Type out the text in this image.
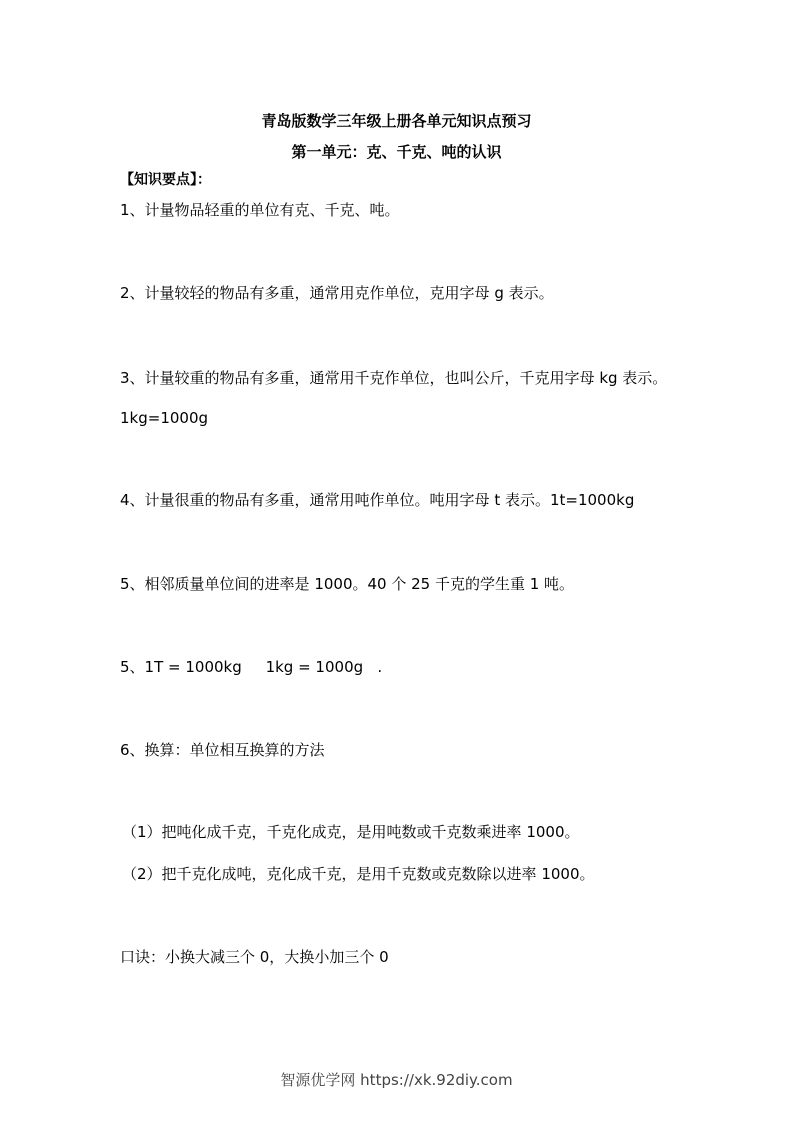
青岛版数学三年级上册各单元知识点预习
第一单元：克、千克、吨的认识
【知识要点】：

1、计量物品轻重的单位有克、千克、吨。

2、计量较轻的物品有多重，通常用克作单位，克用字母 g 表示。

3、计量较重的物品有多重，通常用千克作单位，也叫公斤，千克用字母 kg 表示。

1kg=1000g

4、计量很重的物品有多重，通常用吨作单位。吨用字母 t 表示。1t=1000kg

5、相邻质量单位间的进率是 1000。40 个 25 千克的学生重 1 吨。

5、1T = 1000kg     1kg = 1000g   .

6、换算：单位相互换算的方法

（1）把吨化成千克，千克化成克，是用吨数或千克数乘进率 1000。

（2）把千克化成吨，克化成千克，是用千克数或克数除以进率 1000。

口诀：小换大减三个 0，大换小加三个 0

智源优学网 https://xk.92diy.com
